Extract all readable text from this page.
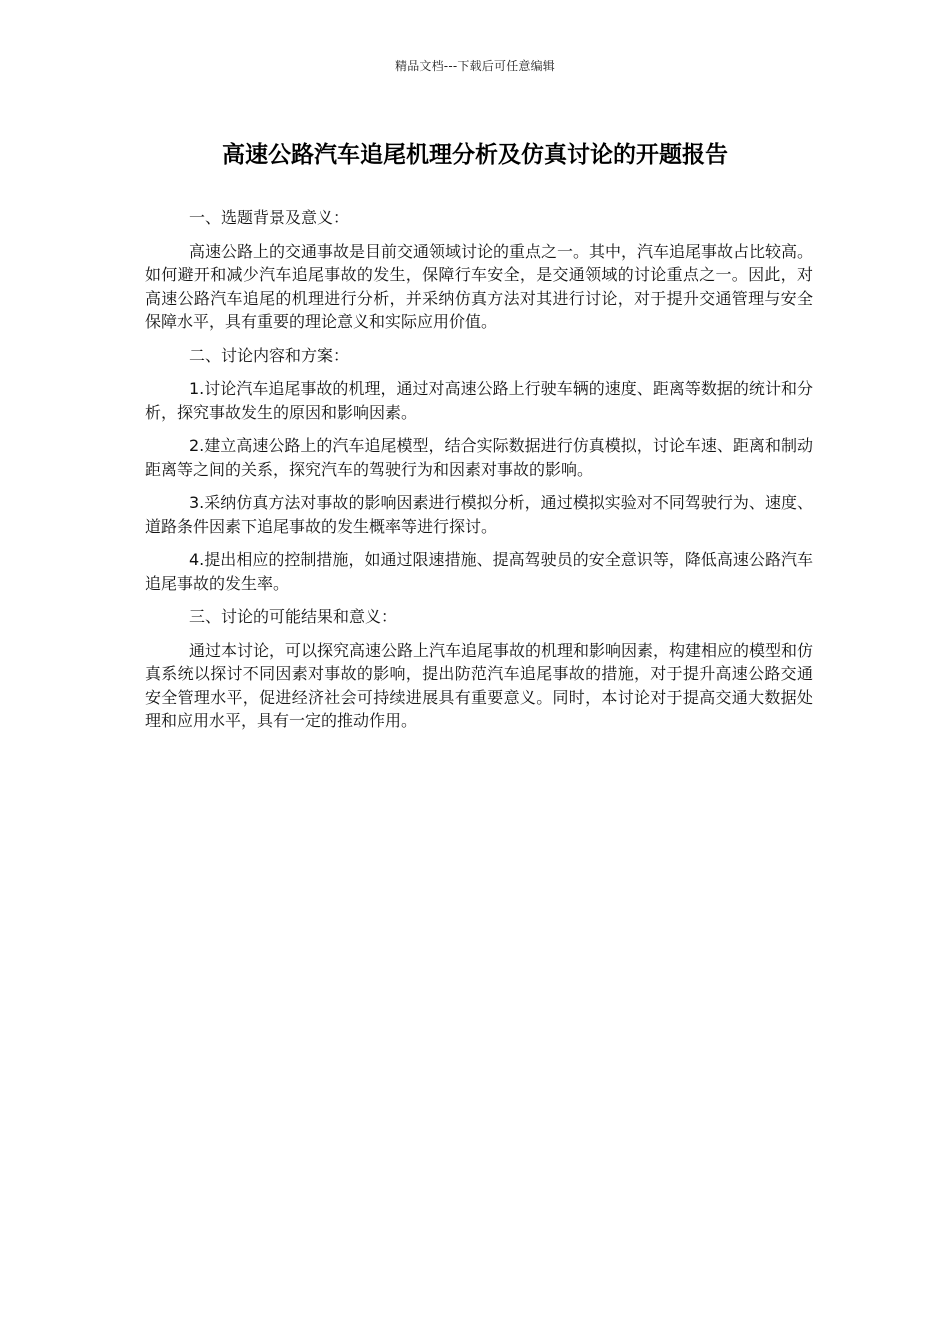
精品文档---下载后可任意编辑
高速公路汽车追尾机理分析及仿真讨论的开题报告

一、选题背景及意义：

高速公路上的交通事故是目前交通领域讨论的重点之一。其中，汽车追尾事故占比较高。如何避开和减少汽车追尾事故的发生，保障行车安全，是交通领域的讨论重点之一。因此，对高速公路汽车追尾的机理进行分析，并采纳仿真方法对其进行讨论，对于提升交通管理与安全保障水平，具有重要的理论意义和实际应用价值。

二、讨论内容和方案：

1.讨论汽车追尾事故的机理，通过对高速公路上行驶车辆的速度、距离等数据的统计和分析，探究事故发生的原因和影响因素。

2.建立高速公路上的汽车追尾模型，结合实际数据进行仿真模拟，讨论车速、距离和制动距离等之间的关系，探究汽车的驾驶行为和因素对事故的影响。

3.采纳仿真方法对事故的影响因素进行模拟分析，通过模拟实验对不同驾驶行为、速度、道路条件因素下追尾事故的发生概率等进行探讨。

4.提出相应的控制措施，如通过限速措施、提高驾驶员的安全意识等，降低高速公路汽车追尾事故的发生率。

三、讨论的可能结果和意义：

通过本讨论，可以探究高速公路上汽车追尾事故的机理和影响因素，构建相应的模型和仿真系统以探讨不同因素对事故的影响，提出防范汽车追尾事故的措施，对于提升高速公路交通安全管理水平，促进经济社会可持续进展具有重要意义。同时，本讨论对于提高交通大数据处理和应用水平，具有一定的推动作用。
